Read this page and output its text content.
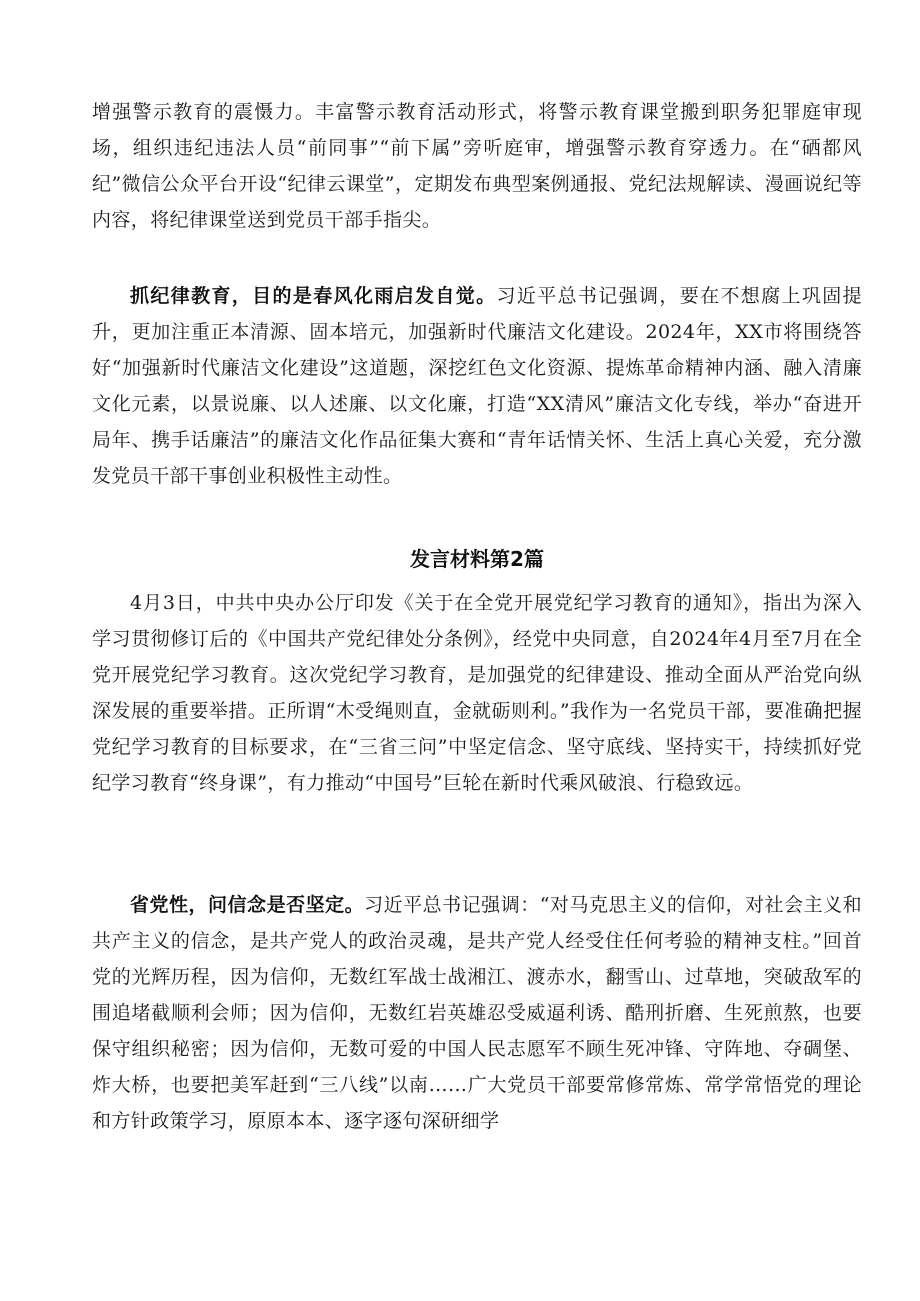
增强警示教育的震慑力。丰富警示教育活动形式，将警示教育课堂搬到职务犯罪庭审现场，组织违纪违法人员“前同事”“前下属”旁听庭审，增强警示教育穿透力。在“硒都风纪”微信公众平台开设“纪律云课堂”，定期发布典型案例通报、党纪法规解读、漫画说纪等内容，将纪律课堂送到党员干部手指尖。

抓纪律教育，目的是春风化雨启发自觉。习近平总书记强调，要在不想腐上巩固提升，更加注重正本清源、固本培元，加强新时代廉洁文化建设。2024年，XX市将围绕答好“加强新时代廉洁文化建设”这道题，深挖红色文化资源、提炼革命精神内涵、融入清廉文化元素，以景说廉、以人述廉、以文化廉，打造“XX清风”廉洁文化专线，举办“奋进开局年、携手话廉洁”的廉洁文化作品征集大赛和“青年话情关怀、生活上真心关爱，充分激发党员干部干事创业积极性主动性。

发言材料第2篇

4月3日，中共中央办公厅印发《关于在全党开展党纪学习教育的通知》，指出为深入学习贯彻修订后的《中国共产党纪律处分条例》，经党中央同意，自2024年4月至7月在全党开展党纪学习教育。这次党纪学习教育，是加强党的纪律建设、推动全面从严治党向纵深发展的重要举措。正所谓“木受绳则直，金就砺则利。”我作为一名党员干部，要准确把握党纪学习教育的目标要求，在“三省三问”中坚定信念、坚守底线、坚持实干，持续抓好党纪学习教育“终身课”，有力推动“中国号”巨轮在新时代乘风破浪、行稳致远。

省党性，问信念是否坚定。习近平总书记强调：“对马克思主义的信仰，对社会主义和共产主义的信念，是共产党人的政治灵魂，是共产党人经受住任何考验的精神支柱。”回首党的光辉历程，因为信仰，无数红军战士战湘江、渡赤水，翻雪山、过草地，突破敌军的围追堵截顺利会师；因为信仰，无数红岩英雄忍受威逼利诱、酷刑折磨、生死煎熬，也要保守组织秘密；因为信仰，无数可爱的中国人民志愿军不顾生死冲锋、守阵地、夺碉堡、炸大桥，也要把美军赶到“三八线”以南……广大党员干部要常修常炼、常学常悟党的理论和方针政策学习，原原本本、逐字逐句深研细学
